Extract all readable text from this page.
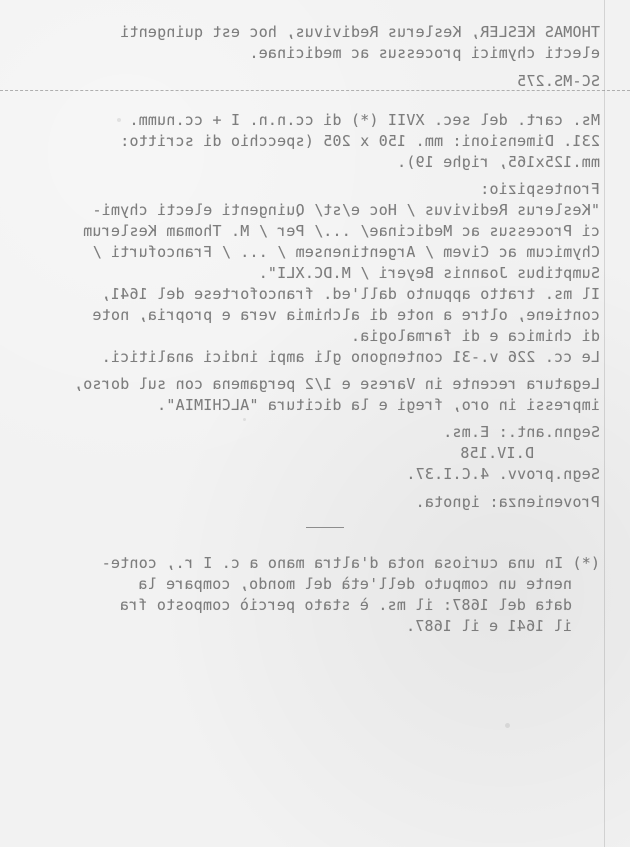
THOMAS KESLER, Keslerus Redivivus, hoc est quingenti
electi chymici processus ac medicinae.
SC-MS.275
Ms. cart. del sec. XVII (*) di cc.n.n. I + cc.numm.
231. Dimensioni: mm. 150 x 205 (specchio di scritto:
mm.125x165, righe 19).
Frontespizio:
"Keslerus Redivivus / Hoc e/st/ Quingenti electi chymi-
ci Processus ac Medicinae/ .../ Per / M. Thomam Keslerum
Chymicum ac Civem / Argentinensem / ... / Francofurti /
Sumptibus Joannis Beyeri / M.DC.XLI".
Il ms. tratto appunto dall'ed. francofortese del 1641,
contiene, oltre a note di alchimia vera e propria, note
di chimica e di farmalogia.
Le cc. 226 v.-31 contengono gli ampi indici analitici.
Legatura recente in Varese e 1/2 pergamena con sul dorso,
impressi in oro, fregi e la dicitura "ALCHIMIA".
Segnn.ant.: E.ms.
D.IV.158
Segn.provv. 4.C.I.37.
Provenienza: ignota.
(*) In una curiosa nota d'altra mano a c. I r., conte-
nente un computo dell'età del mondo, compare la
data del 1687: il ms. è stato perciò composto fra
il 1641 e il 1687.
